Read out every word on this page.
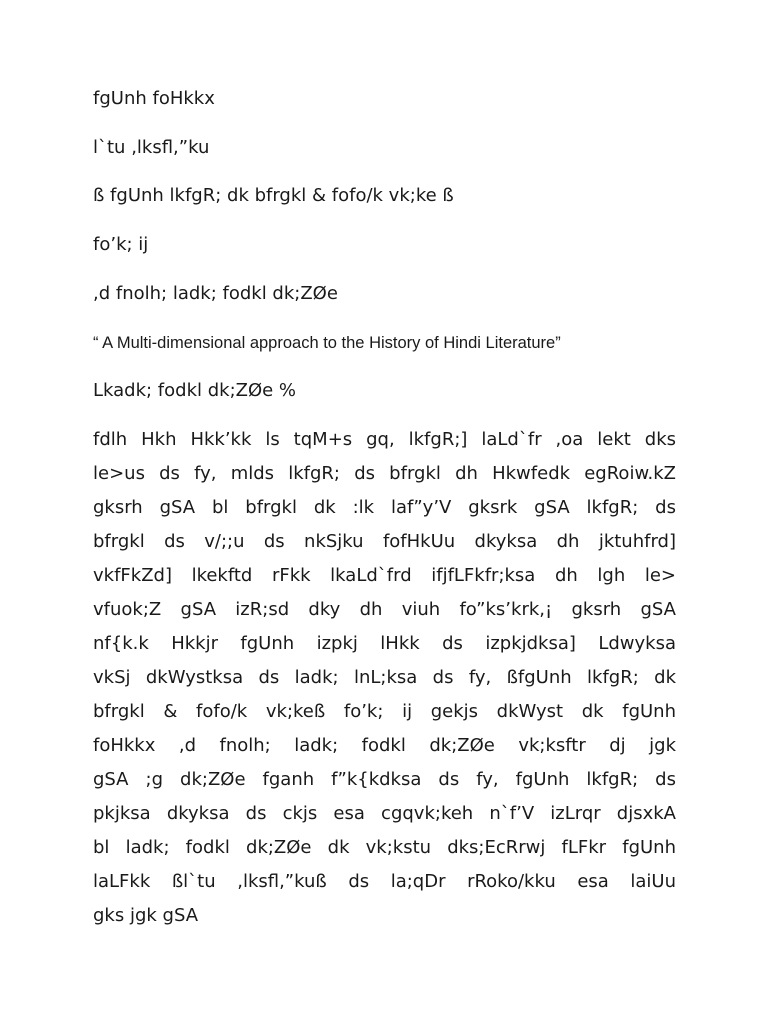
fgUnh foHkkx
l`tu ,lksfl,”ku
ß fgUnh lkfgR; dk bfrgkl & fofo/k vk;ke ß
fo’k; ij
,d fnolh; ladk; fodkl dk;ZØe
“ A Multi-dimensional approach to the History of Hindi Literature”
Lkadk; fodkl dk;ZØe %
fdlh Hkh Hkk’kk ls tqM+s gq, lkfgR;] laLd`fr ,oa lekt dks
le>us ds fy, mlds lkfgR; ds bfrgkl dh Hkwfedk egRoiw.kZ
gksrh gSA bl bfrgkl dk :lk laf”y’V gksrk gSA lkfgR; ds
bfrgkl ds v/;;u ds nkSjku fofHkUu dkyksa dh jktuhfrd]
vkfFkZd] lkekftd rFkk lkaLd`frd ifjfLFkfr;ksa dh lgh le>
vfuok;Z gSA izR;sd dky dh viuh fo”ks’krk,¡ gksrh gSA
nf{k.k Hkkjr fgUnh izpkj lHkk ds izpkjdksa] Ldwyksa
vkSj dkWystksa ds ladk; lnL;ksa ds fy, ßfgUnh lkfgR; dk
bfrgkl & fofo/k vk;keß fo’k; ij gekjs dkWyst dk fgUnh
foHkkx ,d fnolh; ladk; fodkl dk;ZØe vk;ksftr dj jgk
gSA ;g dk;ZØe fganh f”k{kdksa ds fy, fgUnh lkfgR; ds
pkjksa dkyksa ds ckjs esa cgqvk;keh n`f’V izLrqr djsxkA
bl ladk; fodkl dk;ZØe dk vk;kstu dks;EcRrwj fLFkr fgUnh
laLFkk ßl`tu ,lksfl,”kuß ds la;qDr rRoko/kku esa laiUu
gks jgk gSA
